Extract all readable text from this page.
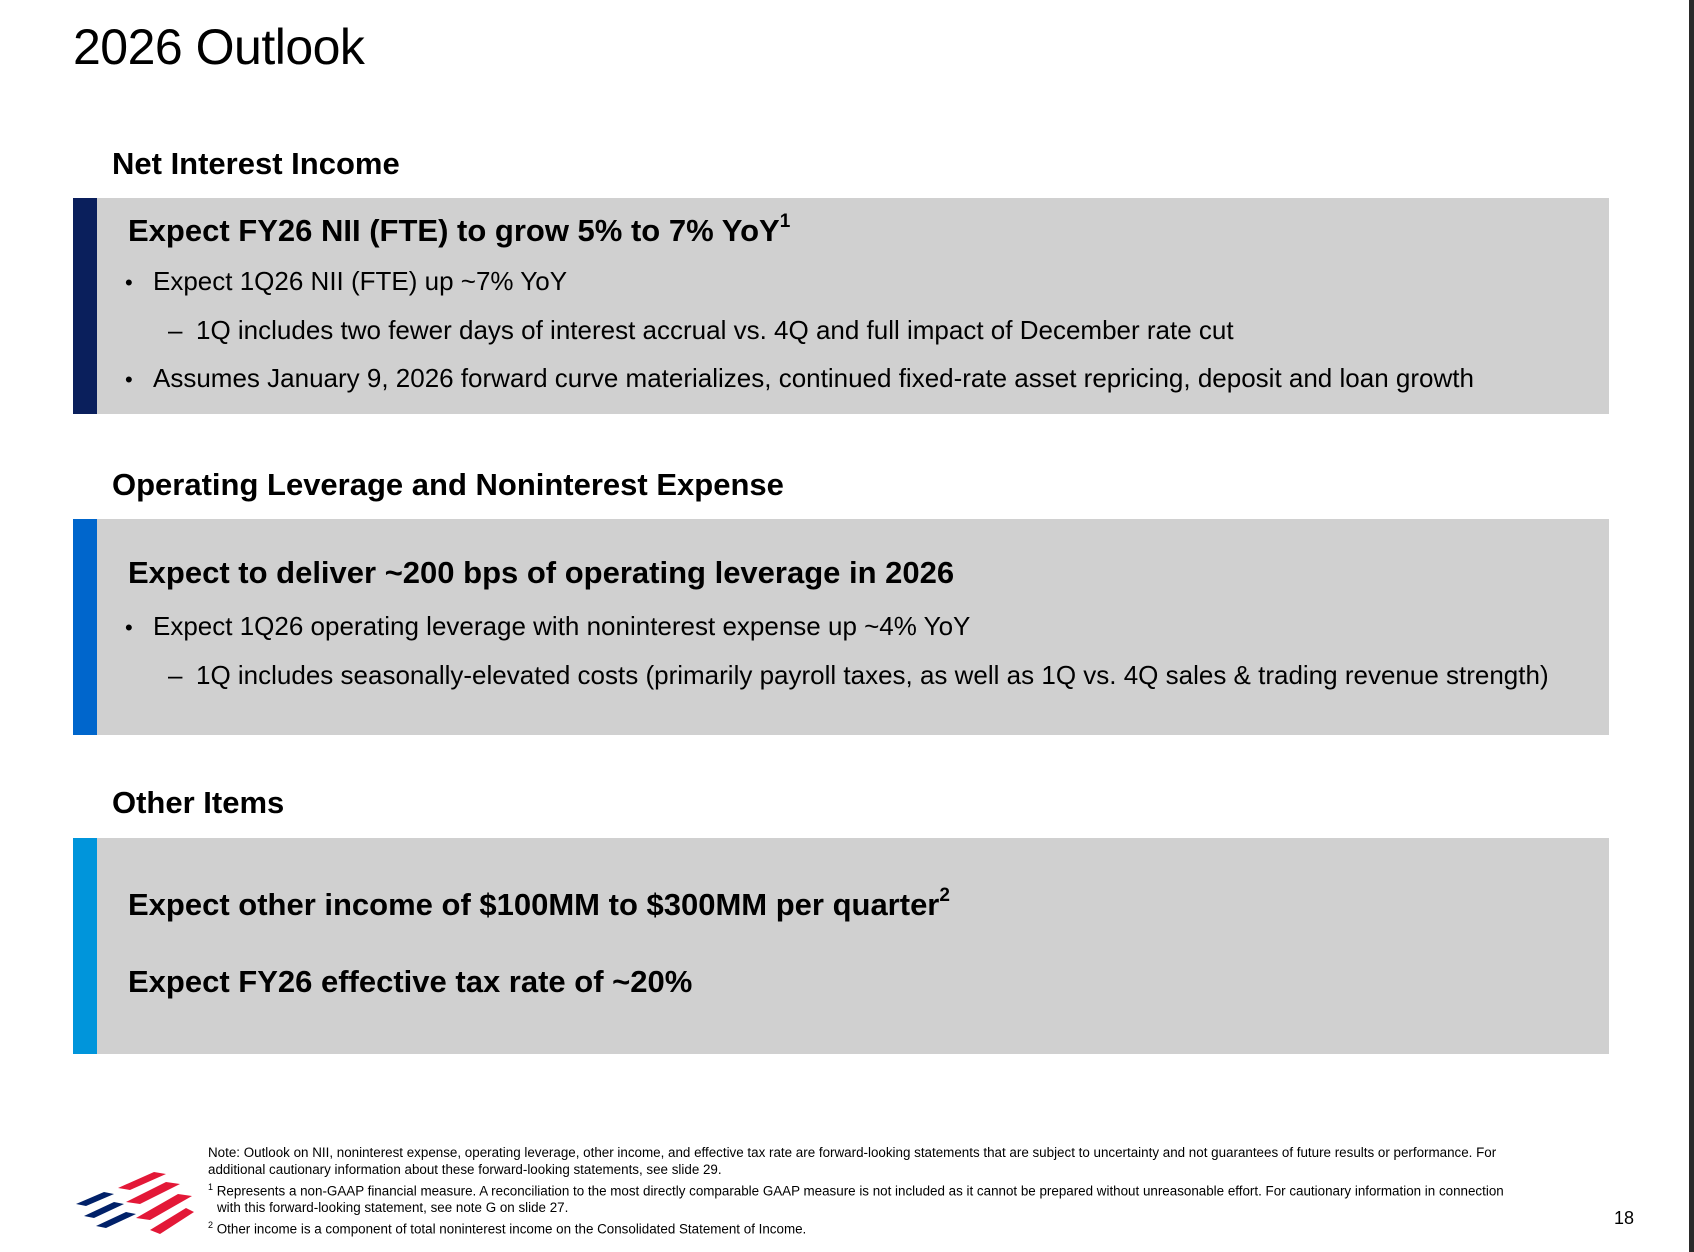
2026 Outlook
Net Interest Income
Expect FY26 NII (FTE) to grow 5% to 7% YoY$^1$
• Expect 1Q26 NII (FTE) up ~7% YoY
– 1Q includes two fewer days of interest accrual vs. 4Q and full impact of December rate cut
• Assumes January 9, 2026 forward curve materializes, continued fixed-rate asset repricing, deposit and loan growth
Operating Leverage and Noninterest Expense
Expect to deliver ~200 bps of operating leverage in 2026
• Expect 1Q26 operating leverage with noninterest expense up ~4% YoY
– 1Q includes seasonally-elevated costs (primarily payroll taxes, as well as 1Q vs. 4Q sales & trading revenue strength)
Other Items
Expect other income of $100MM to $300MM per quarter$^2$
Expect FY26 effective tax rate of ~20%
Note: Outlook on NII, noninterest expense, operating leverage, other income, and effective tax rate are forward-looking statements that are subject to uncertainty and not guarantees of future results or performance. For
additional cautionary information about these forward-looking statements, see slide 29.
$^1$ Represents a non-GAAP financial measure. A reconciliation to the most directly comparable GAAP measure is not included as it cannot be prepared without unreasonable effort. For cautionary information in connection
with this forward-looking statement, see note G on slide 27.
$^2$ Other income is a component of total noninterest income on the Consolidated Statement of Income.
18
